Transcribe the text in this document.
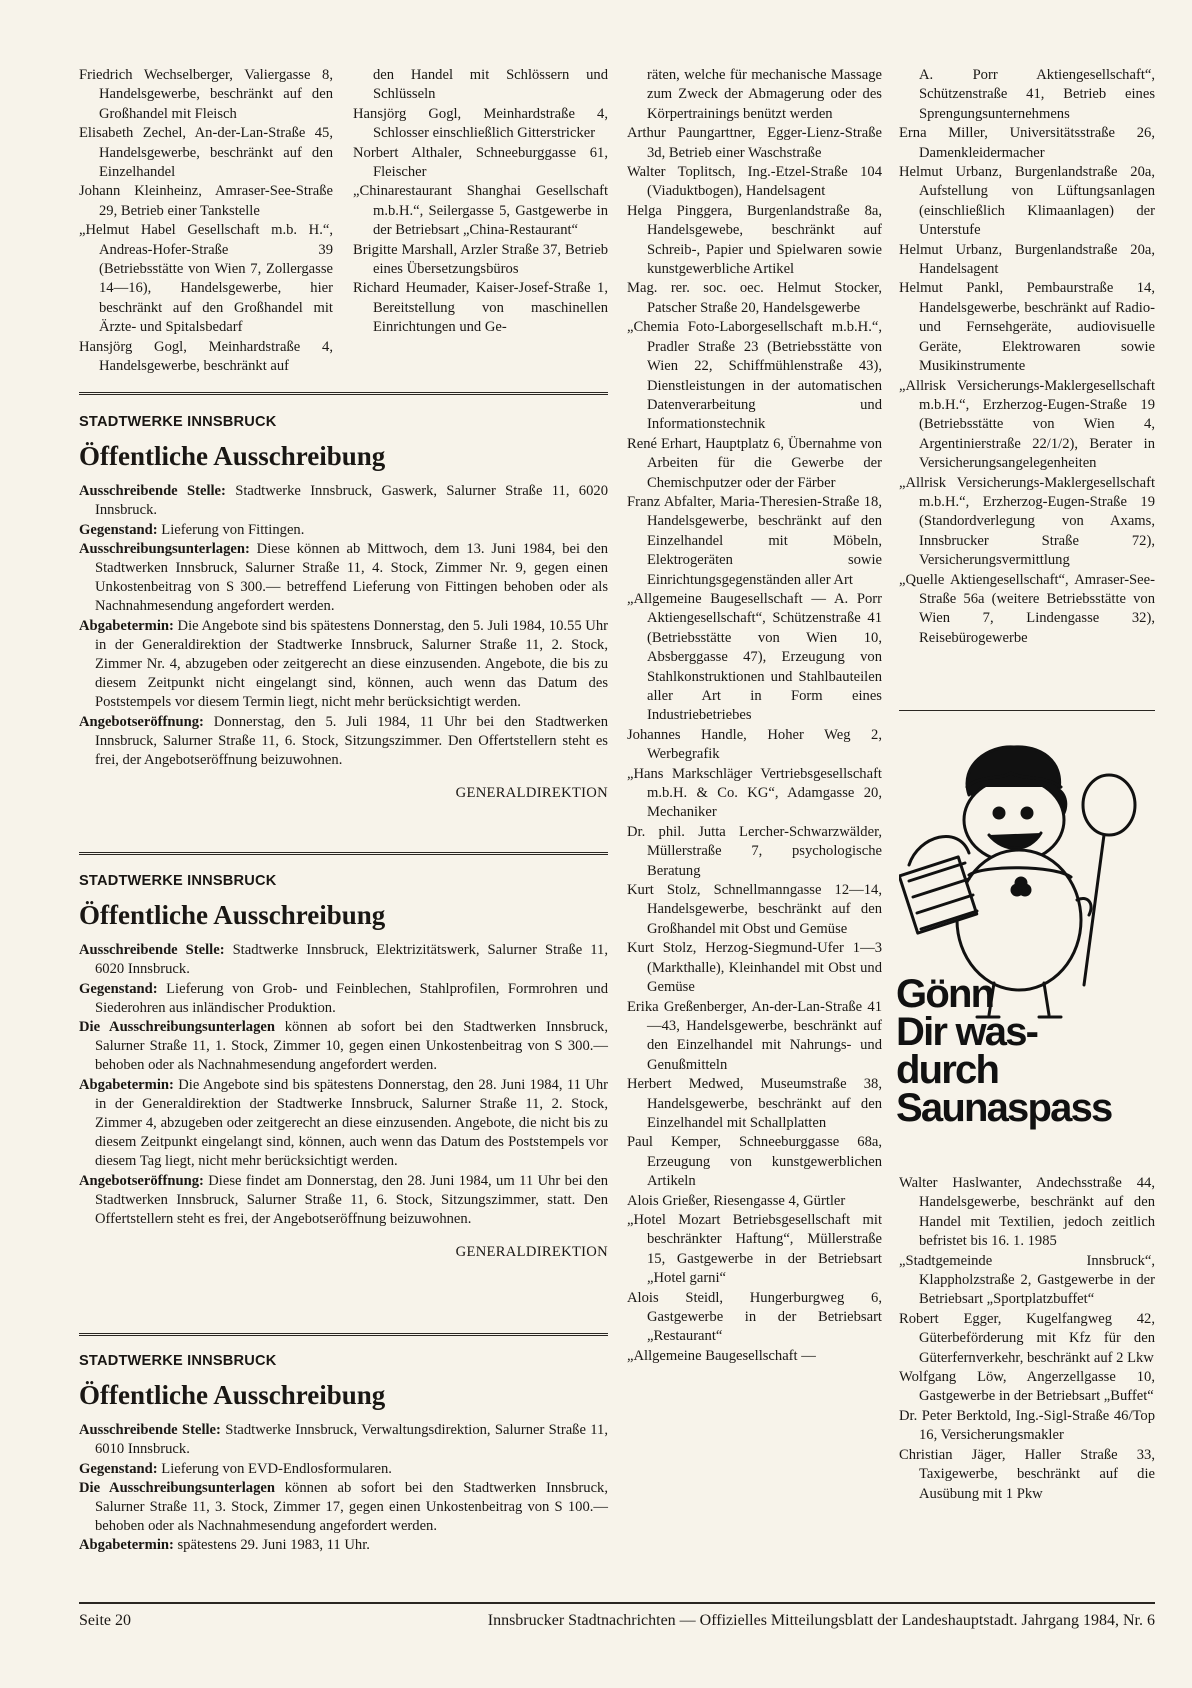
Friedrich Wechselberger, Valiergasse 8, Handelsgewerbe, beschränkt auf den Großhandel mit Fleisch

Elisabeth Zechel, An-der-Lan-Straße 45, Handelsgewerbe, beschränkt auf den Einzelhandel

Johann Kleinheinz, Amraser-See-Straße 29, Betrieb einer Tankstelle

„Helmut Habel Gesellschaft m.b. H.“, Andreas-Hofer-Straße 39 (Betriebsstätte von Wien 7, Zollergasse 14—16), Handelsgewerbe, hier beschränkt auf den Großhandel mit Ärzte- und Spitalsbedarf

Hansjörg Gogl, Meinhardstraße 4, Handelsgewerbe, beschränkt auf

den Handel mit Schlössern und Schlüsseln

Hansjörg Gogl, Meinhardstraße 4, Schlosser einschließlich Gitterstricker

Norbert Althaler, Schneeburggasse 61, Fleischer

„Chinarestaurant Shanghai Gesellschaft m.b.H.“, Seilergasse 5, Gastgewerbe in der Betriebsart „China-Restaurant“

Brigitte Marshall, Arzler Straße 37, Betrieb eines Übersetzungsbüros

Richard Heumader, Kaiser-Josef-Straße 1, Bereitstellung von maschinellen Einrichtungen und Ge-

STADTWERKE INNSBRUCK
Öffentliche Ausschreibung
Ausschreibende Stelle: Stadtwerke Innsbruck, Gaswerk, Salurner Straße 11, 6020 Innsbruck.
Gegenstand: Lieferung von Fittingen.
Ausschreibungsunterlagen: Diese können ab Mittwoch, dem 13. Juni 1984, bei den Stadtwerken Innsbruck, Salurner Straße 11, 4. Stock, Zimmer Nr. 9, gegen einen Unkostenbeitrag von S 300.— betreffend Lieferung von Fittingen behoben oder als Nachnahmesendung angefordert werden.
Abgabetermin: Die Angebote sind bis spätestens Donnerstag, den 5. Juli 1984, 10.55 Uhr in der Generaldirektion der Stadtwerke Innsbruck, Salurner Straße 11, 2. Stock, Zimmer Nr. 4, abzugeben oder zeitgerecht an diese einzusenden. Angebote, die bis zu diesem Zeitpunkt nicht eingelangt sind, können, auch wenn das Datum des Poststempels vor diesem Termin liegt, nicht mehr berücksichtigt werden.
Angebotseröffnung: Donnerstag, den 5. Juli 1984, 11 Uhr bei den Stadtwerken Innsbruck, Salurner Straße 11, 6. Stock, Sitzungszimmer. Den Offertstellern steht es frei, der Angebotseröffnung beizuwohnen.
GENERALDIREKTION
STADTWERKE INNSBRUCK
Öffentliche Ausschreibung
Ausschreibende Stelle: Stadtwerke Innsbruck, Elektrizitätswerk, Salurner Straße 11, 6020 Innsbruck.
Gegenstand: Lieferung von Grob- und Feinblechen, Stahlprofilen, Formrohren und Siederohren aus inländischer Produktion.
Die Ausschreibungsunterlagen können ab sofort bei den Stadtwerken Innsbruck, Salurner Straße 11, 1. Stock, Zimmer 10, gegen einen Unkostenbeitrag von S 300.— behoben oder als Nachnahmesendung angefordert werden.
Abgabetermin: Die Angebote sind bis spätestens Donnerstag, den 28. Juni 1984, 11 Uhr in der Generaldirektion der Stadtwerke Innsbruck, Salurner Straße 11, 2. Stock, Zimmer 4, abzugeben oder zeitgerecht an diese einzusenden. Angebote, die nicht bis zu diesem Zeitpunkt eingelangt sind, können, auch wenn das Datum des Poststempels vor diesem Tag liegt, nicht mehr berücksichtigt werden.
Angebotseröffnung: Diese findet am Donnerstag, den 28. Juni 1984, um 11 Uhr bei den Stadtwerken Innsbruck, Salurner Straße 11, 6. Stock, Sitzungszimmer, statt. Den Offertstellern steht es frei, der Angebotseröffnung beizuwohnen.
GENERALDIREKTION
STADTWERKE INNSBRUCK
Öffentliche Ausschreibung
Ausschreibende Stelle: Stadtwerke Innsbruck, Verwaltungsdirektion, Salurner Straße 11, 6010 Innsbruck.
Gegenstand: Lieferung von EVD-Endlosformularen.
Die Ausschreibungsunterlagen können ab sofort bei den Stadtwerken Innsbruck, Salurner Straße 11, 3. Stock, Zimmer 17, gegen einen Unkostenbeitrag von S 100.— behoben oder als Nachnahmesendung angefordert werden.
Abgabetermin: spätestens 29. Juni 1983, 11 Uhr.

räten, welche für mechanische Massage zum Zweck der Abmagerung oder des Körpertrainings benützt werden

Arthur Paungarttner, Egger-Lienz-Straße 3d, Betrieb einer Waschstraße

Walter Toplitsch, Ing.-Etzel-Straße 104 (Viaduktbogen), Handelsagent

Helga Pinggera, Burgenlandstraße 8a, Handelsgewebe, beschränkt auf Schreib-, Papier und Spielwaren sowie kunstgewerbliche Artikel

Mag. rer. soc. oec. Helmut Stocker, Patscher Straße 20, Handelsgewerbe

„Chemia Foto-Laborgesellschaft m.b.H.“, Pradler Straße 23 (Betriebsstätte von Wien 22, Schiffmühlenstraße 43), Dienstleistungen in der automatischen Datenverarbeitung und Informationstechnik

René Erhart, Hauptplatz 6, Übernahme von Arbeiten für die Gewerbe der Chemischputzer oder der Färber

Franz Abfalter, Maria-Theresien-Straße 18, Handelsgewerbe, beschränkt auf den Einzelhandel mit Möbeln, Elektrogeräten sowie Einrichtungsgegenständen aller Art

„Allgemeine Baugesellschaft — A. Porr Aktiengesellschaft“, Schützenstraße 41 (Betriebsstätte von Wien 10, Absberggasse 47), Erzeugung von Stahlkonstruktionen und Stahlbauteilen aller Art in Form eines Industriebetriebes

Johannes Handle, Hoher Weg 2, Werbegrafik

„Hans Markschläger Vertriebsgesellschaft m.b.H. & Co. KG“, Adamgasse 20, Mechaniker

Dr. phil. Jutta Lercher-Schwarzwälder, Müllerstraße 7, psychologische Beratung

Kurt Stolz, Schnellmanngasse 12—14, Handelsgewerbe, beschränkt auf den Großhandel mit Obst und Gemüse

Kurt Stolz, Herzog-Siegmund-Ufer 1—3 (Markthalle), Kleinhandel mit Obst und Gemüse

Erika Greßenberger, An-der-Lan-Straße 41—43, Handelsgewerbe, beschränkt auf den Einzelhandel mit Nahrungs- und Genußmitteln

Herbert Medwed, Museumstraße 38, Handelsgewerbe, beschränkt auf den Einzelhandel mit Schallplatten

Paul Kemper, Schneeburggasse 68a, Erzeugung von kunstgewerblichen Artikeln

Alois Grießer, Riesengasse 4, Gürtler

„Hotel Mozart Betriebsgesellschaft mit beschränkter Haftung“, Müllerstraße 15, Gastgewerbe in der Betriebsart „Hotel garni“

Alois Steidl, Hungerburgweg 6, Gastgewerbe in der Betriebsart „Restaurant“

„Allgemeine Baugesellschaft —

A. Porr Aktiengesellschaft“, Schützenstraße 41, Betrieb eines Sprengungsunternehmens

Erna Miller, Universitätsstraße 26, Damenkleidermacher

Helmut Urbanz, Burgenlandstraße 20a, Aufstellung von Lüftungsanlagen (einschließlich Klimaanlagen) der Unterstufe

Helmut Urbanz, Burgenlandstraße 20a, Handelsagent

Helmut Pankl, Pembaurstraße 14, Handelsgewerbe, beschränkt auf Radio- und Fernsehgeräte, audiovisuelle Geräte, Elektrowaren sowie Musikinstrumente

„Allrisk Versicherungs-Maklergesellschaft m.b.H.“, Erzherzog-Eugen-Straße 19 (Betriebsstätte von Wien 4, Argentinierstraße 22/1/2), Berater in Versicherungsangelegenheiten

„Allrisk Versicherungs-Maklergesellschaft m.b.H.“, Erzherzog-Eugen-Straße 19 (Standordverlegung von Axams, Innsbrucker Straße 72), Versicherungsvermittlung

„Quelle Aktiengesellschaft“, Amraser-See-Straße 56a (weitere Betriebsstätte von Wien 7, Lindengasse 32), Reisebürogewerbe

Gönn
Dir was-
durch
Saunaspass

Walter Haslwanter, Andechsstraße 44, Handelsgewerbe, beschränkt auf den Handel mit Textilien, jedoch zeitlich befristet bis 16. 1. 1985

„Stadtgemeinde Innsbruck“, Klappholzstraße 2, Gastgewerbe in der Betriebsart „Sportplatzbuffet“

Robert Egger, Kugelfangweg 42, Güterbeförderung mit Kfz für den Güterfernverkehr, beschränkt auf 2 Lkw

Wolfgang Löw, Angerzellgasse 10, Gastgewerbe in der Betriebsart „Buffet“

Dr. Peter Berktold, Ing.-Sigl-Straße 46/Top 16, Versicherungsmakler

Christian Jäger, Haller Straße 33, Taxigewerbe, beschränkt auf die Ausübung mit 1 Pkw

Seite 20	Innsbrucker Stadtnachrichten — Offizielles Mitteilungsblatt der Landeshauptstadt. Jahrgang 1984, Nr. 6
